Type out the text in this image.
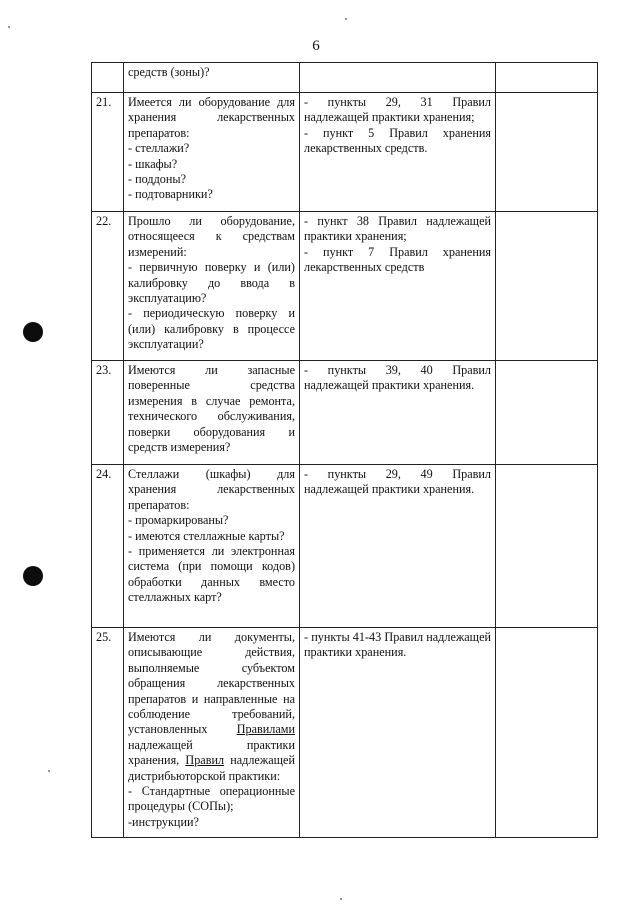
6

	средств (зоны)?		

21.	Имеется ли оборудование для хранения лекарственных препаратов:
- стеллажи?
- шкафы?
- поддоны?
- подтоварники?	- пункты 29, 31 Правил надлежащей практики хранения;
- пункт 5 Правил хранения лекарственных средств.	

22.	Прошло ли оборудование, относящееся к средствам измерений:
- первичную поверку и (или) калибровку до ввода в эксплуатацию?
- периодическую поверку и (или) калибровку в процессе эксплуатации?	- пункт 38 Правил надлежащей практики хранения;
- пункт 7 Правил хранения лекарственных средств	

23.	Имеются ли запасные поверенные средства измерения в случае ремонта, технического обслуживания, поверки оборудования и средств измерения?	- пункты 39, 40 Правил надлежащей практики хранения.	

24.	Стеллажи (шкафы) для хранения лекарственных препаратов:
- промаркированы?
- имеются стеллажные карты?
- применяется ли электронная система (при помощи кодов) обработки данных вместо стеллажных карт?	- пункты 29, 49 Правил надлежащей практики хранения.	

25.	Имеются ли документы, описывающие действия, выполняемые субъектом обращения лекарственных препаратов и направленные на соблюдение требований, установленных Правилами надлежащей практики хранения, Правил надлежащей дистрибьюторской практики:
- Стандартные операционные процедуры (СОПы);
-инструкции?	- пункты 41-43 Правил надлежащей практики хранения.	
